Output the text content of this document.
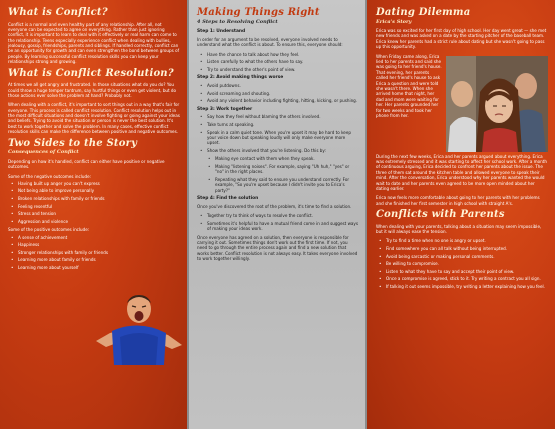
What is Conflict?

Conflict is a normal and even healthy part of any relationship. After all, not everyone can be expected to agree on everything. Rather than just ignoring conflict, it is important to learn to deal with it effectively or real harm can come to the relationship. Teens especially experience conflict when dealing with bullies, jealousy, gossip, friendships, parents and siblings. If handled correctly, conflict can be an opportunity for growth and can even strengthen the bond between groups of people. By learning successful conflict resolution skills you can keep your relationships strong and growing.

What is Conflict Resolution?

At times we all get angry and frustrated. In those situations what do you do? You could throw a huge temper tantrum, say hurtful things or even get violent, but do those actions ever solve the problem at hand? Probably not.

When dealing with a conflict, it's important to sort things out in a way that's fair for everyone. This process is called conflict resolution. Conflict resolution helps out in the most difficult situations and doesn't involve fighting or going against your ideas and beliefs. Trying to avoid the situation or person is never the best solution. It's best to work together and solve the problem. In many cases, effective conflict resolution skills can make the difference between positive and negative outcomes.

Two Sides to the Story
Consequences of Conflict

Depending on how it's handled, conflict can either have positive or negative outcomes.

Some of the negative outcomes include:

• Having built up anger you can't express
• Not being able to improve personally
• Broken relationships with family or friends
• Feeling resentful
• Stress and tension
• Aggression and violence

Some of the positive outcomes include:

• A sense of achievement
• Happiness
• Stronger relationships with family or friends
• Learning more about family or friends
• Learning more about yourself
Making Things Right
4 Steps to Resolving Conflict
Step 1: Understand

In order for an argument to be resolved, everyone involved needs to understand what the conflict is about. To ensure this, everyone should:

• Have the chance to talk about how they feel.
• Listen carefully to what the others have to say.
• Try to understand the other's point of view.
Step 2: Avoid making things worse
• Avoid putdowns.
• Avoid screaming and shouting.
• Avoid any violent behavior including fighting, hitting, kicking, or pushing.
Step 3: Work together
• Say how they feel without blaming the others involved.
• Take turns at speaking.
• Speak in a calm quiet tone. When you're upset it may be hard to keep your voice down but speaking loudly will only make everyone more upset.
• Show the others involved that you're listening. Do this by:
• Making eye contact with them when they speak.
• Making "listening noises". For example, saying "Uh huh," "yes" or "no" in the right places.
• Repeating what they said to ensure you understand correctly. For example, "So you're upset because I didn't invite you to Erica's party?"
Step 4: Find the solution

Once you've discovered the root of the problem, it's time to find a solution.

• Together try to think of ways to resolve the conflict.
• Sometimes it's helpful to have a mutual friend come in and suggest ways of making your ideas work.

Once everyone has agreed on a solution, then everyone is responsible for carrying it out. Sometimes things don't work out the first time. If not, you need to go through the entire process again and find a new solution that works better. Conflict resolution is not always easy. It takes everyone involved to work together willingly.

Dating Dilemma
Erica's Story

Erica was so excited for her first day of high school. Her day went great — she met new friends and was asked on a date by the starting pitcher of the baseball team. Erica knew her parents had a strict rule about dating but she wasn't going to pass up this opportunity.

When Friday came along, Erica lied to her parents and said she was going to her friend's house. That evening, her parents called her friend's house to ask Erica a question and were told she wasn't there. When she arrived home that night, her dad and mom were waiting for her. Her parents grounded her for two weeks and took her phone from her.

During the next few weeks, Erica and her parents argued about everything. Erica was extremely stressed and it was starting to affect her school work. After a month of continuous arguing, Erica decided to confront her parents about the issue. The three of them sat around the kitchen table and allowed everyone to speak their mind. After the conversation, Erica understood why her parents wanted the would wait to date and her parents even agreed to be more open minded about her dating earlier.

Erica now feels more comfortable about going to her parents with her problems and she finished her first semester in high school with straight A's.

Conflicts with Parents

When dealing with your parents, talking about a situation may seem impossible, but it will always ease the tension.

• Try to find a time when no one is angry or upset.
• Find somewhere you can all talk without being interrupted.
• Avoid being sarcastic or making personal comments.
• Be willing to compromise.
• Listen to what they have to say and accept their point of view.
• Once a compromise is agreed, stick to it. Try writing a contract you all sign.
• If talking it out seems impossible, try writing a letter explaining how you feel.
